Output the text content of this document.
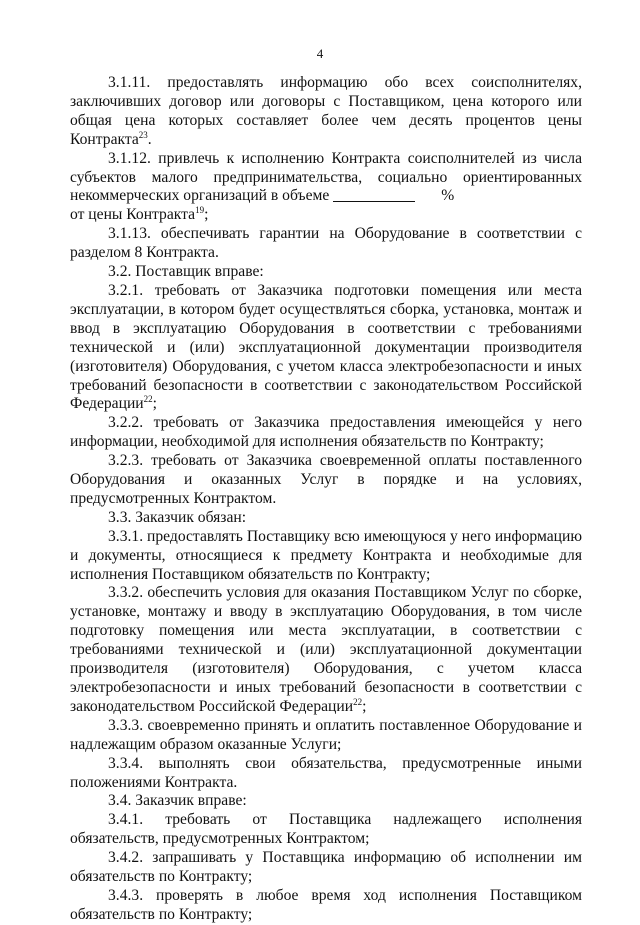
4

3.1.11. предоставлять информацию обо всех соисполнителях, заключивших договор или договоры с Поставщиком, цена которого или общая цена которых составляет более чем десять процентов цены Контракта$^{23}$.

3.1.12. привлечь к исполнению Контракта соисполнителей из числа субъектов малого предпринимательства, социально ориентированных некоммерческих организаций в объеме	%
от цены Контракта$^{19}$;

3.1.13. обеспечивать гарантии на Оборудование в соответствии с разделом 8 Контракта.

3.2. Поставщик вправе:

3.2.1. требовать от Заказчика подготовки помещения или места эксплуатации, в котором будет осуществляться сборка, установка, монтаж и ввод в эксплуатацию Оборудования в соответствии с требованиями технической и (или) эксплуатационной документации производителя (изготовителя) Оборудования, с учетом класса электробезопасности и иных требований безопасности в соответствии с законодательством Российской Федерации$^{22}$;

3.2.2. требовать от Заказчика предоставления имеющейся у него информации, необходимой для исполнения обязательств по Контракту;

3.2.3. требовать от Заказчика своевременной оплаты поставленного Оборудования и оказанных Услуг в порядке и на условиях, предусмотренных Контрактом.

3.3. Заказчик обязан:

3.3.1. предоставлять Поставщику всю имеющуюся у него информацию и документы, относящиеся к предмету Контракта и необходимые для исполнения Поставщиком обязательств по Контракту;

3.3.2. обеспечить условия для оказания Поставщиком Услуг по сборке, установке, монтажу и вводу в эксплуатацию Оборудования, в том числе подготовку помещения или места эксплуатации, в соответствии с требованиями технической и (или) эксплуатационной документации производителя (изготовителя) Оборудования, с учетом класса электробезопасности и иных требований безопасности в соответствии с законодательством Российской Федерации$^{22}$;

3.3.3. своевременно принять и оплатить поставленное Оборудование и надлежащим образом оказанные Услуги;

3.3.4. выполнять свои обязательства, предусмотренные иными положениями Контракта.

3.4. Заказчик вправе:

3.4.1. требовать от Поставщика надлежащего исполнения обязательств, предусмотренных Контрактом;

3.4.2. запрашивать у Поставщика информацию об исполнении им обязательств по Контракту;

3.4.3. проверять в любое время ход исполнения Поставщиком обязательств по Контракту;
